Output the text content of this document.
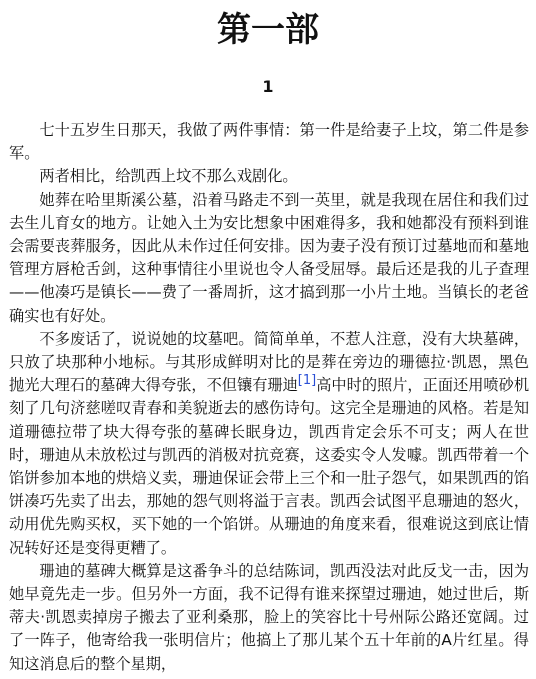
第一部
1

七十五岁生日那天，我做了两件事情：第一件是给妻子上坟，第二件是参军。

两者相比，给凯西上坟不那么戏剧化。

她葬在哈里斯溪公墓，沿着马路走不到一英里，就是我现在居住和我们过去生儿育女的地方。让她入土为安比想象中困难得多，我和她都没有预料到谁会需要丧葬服务，因此从未作过任何安排。因为妻子没有预订过墓地而和墓地管理方唇枪舌剑，这种事情往小里说也令人备受屈辱。最后还是我的儿子查理——他凑巧是镇长——费了一番周折，这才搞到那一小片土地。当镇长的老爸确实也有好处。

不多废话了，说说她的坟墓吧。简简单单，不惹人注意，没有大块墓碑，只放了块那种小地标。与其形成鲜明对比的是葬在旁边的珊德拉·凯恩，黑色抛光大理石的墓碑大得夸张，不但镶有珊迪[1]高中时的照片，正面还用喷砂机刻了几句济慈嗟叹青春和美貌逝去的感伤诗句。这完全是珊迪的风格。若是知道珊德拉带了块大得夸张的墓碑长眠身边，凯西肯定会乐不可支；两人在世时，珊迪从未放松过与凯西的消极对抗竞赛，这委实令人发噱。凯西带着一个馅饼参加本地的烘焙义卖，珊迪保证会带上三个和一肚子怨气，如果凯西的馅饼凑巧先卖了出去，那她的怨气则将溢于言表。凯西会试图平息珊迪的怒火，动用优先购买权，买下她的一个馅饼。从珊迪的角度来看，很难说这到底让情况转好还是变得更糟了。

珊迪的墓碑大概算是这番争斗的总结陈词，凯西没法对此反戈一击，因为她早竟先走一步。但另外一方面，我不记得有谁来探望过珊迪，她过世后，斯蒂夫·凯恩卖掉房子搬去了亚利桑那，脸上的笑容比十号州际公路还宽阔。过了一阵子，他寄给我一张明信片；他搞上了那儿某个五十年前的A片红星。得知这消息后的整个星期，
